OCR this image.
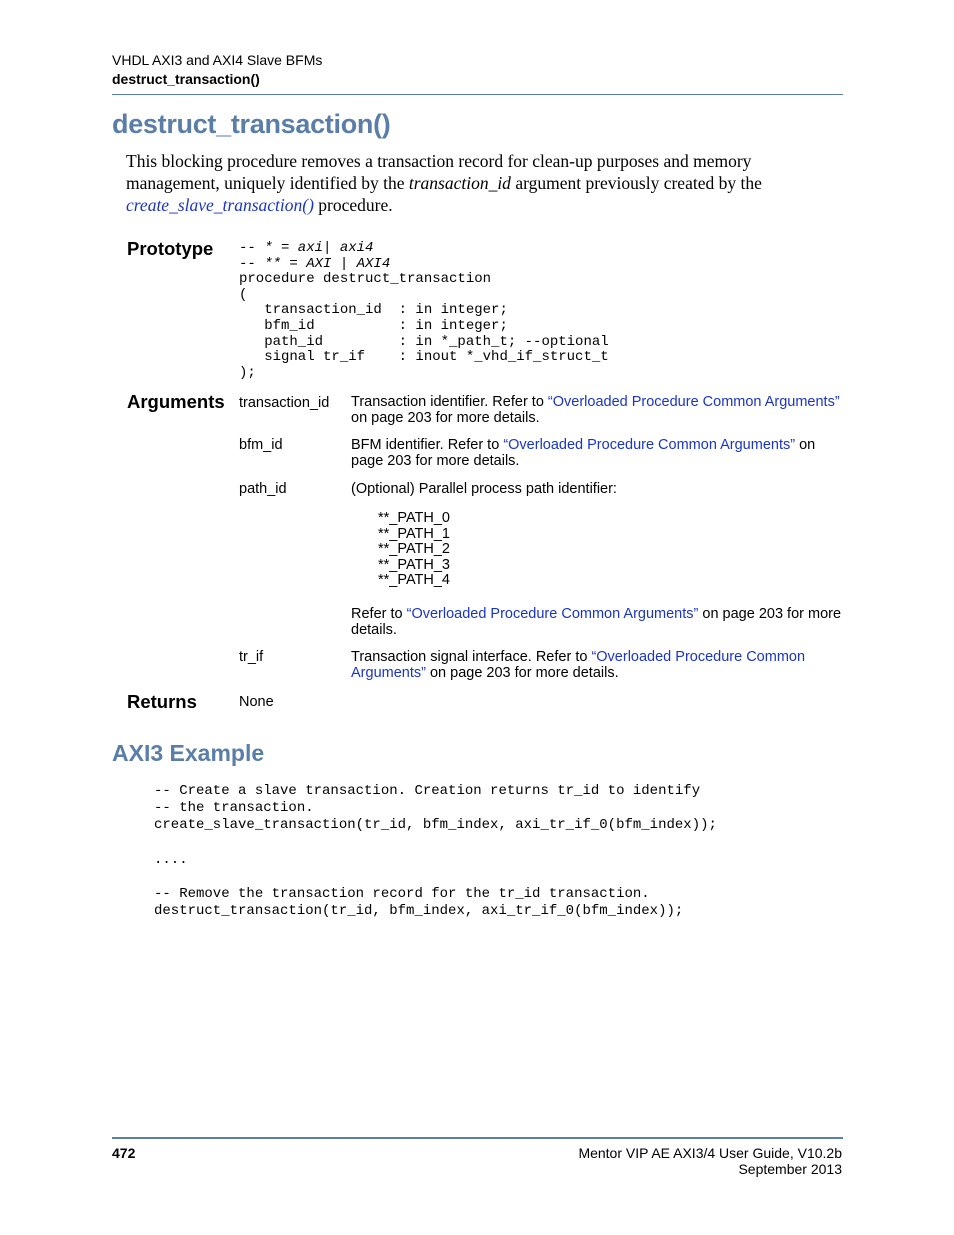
VHDL AXI3 and AXI4 Slave BFMs
destruct_transaction()
destruct_transaction()

This blocking procedure removes a transaction record for clean-up purposes and memory management, uniquely identified by the transaction_id argument previously created by the create_slave_transaction() procedure.

Prototype -- * = axi| axi4
-- ** = AXI | AXI4
procedure destruct_transaction
(
transaction_id  : in integer;
bfm_id          : in integer;
path_id         : in *_path_t; --optional
signal tr_if    : inout *_vhd_if_struct_t
);
Arguments transaction_id Transaction identifier. Refer to “Overloaded Procedure Common Arguments” on page 203 for more details.
bfm_id	BFM identifier. Refer to “Overloaded Procedure Common Arguments” on page 203 for more details.
path_id	(Optional) Parallel process path identifier:
**_PATH_0
**_PATH_1
**_PATH_2
**_PATH_3
**_PATH_4
Refer to “Overloaded Procedure Common Arguments” on page 203 for more details.
tr_if	Transaction signal interface. Refer to “Overloaded Procedure Common Arguments” on page 203 for more details.
Returns	None
AXI3 Example
-- Create a slave transaction. Creation returns tr_id to identify
-- the transaction.
create_slave_transaction(tr_id, bfm_index, axi_tr_if_0(bfm_index));

....

-- Remove the transaction record for the tr_id transaction.
destruct_transaction(tr_id, bfm_index, axi_tr_if_0(bfm_index));
472	Mentor VIP AE AXI3/4 User Guide, V10.2b
September 2013
